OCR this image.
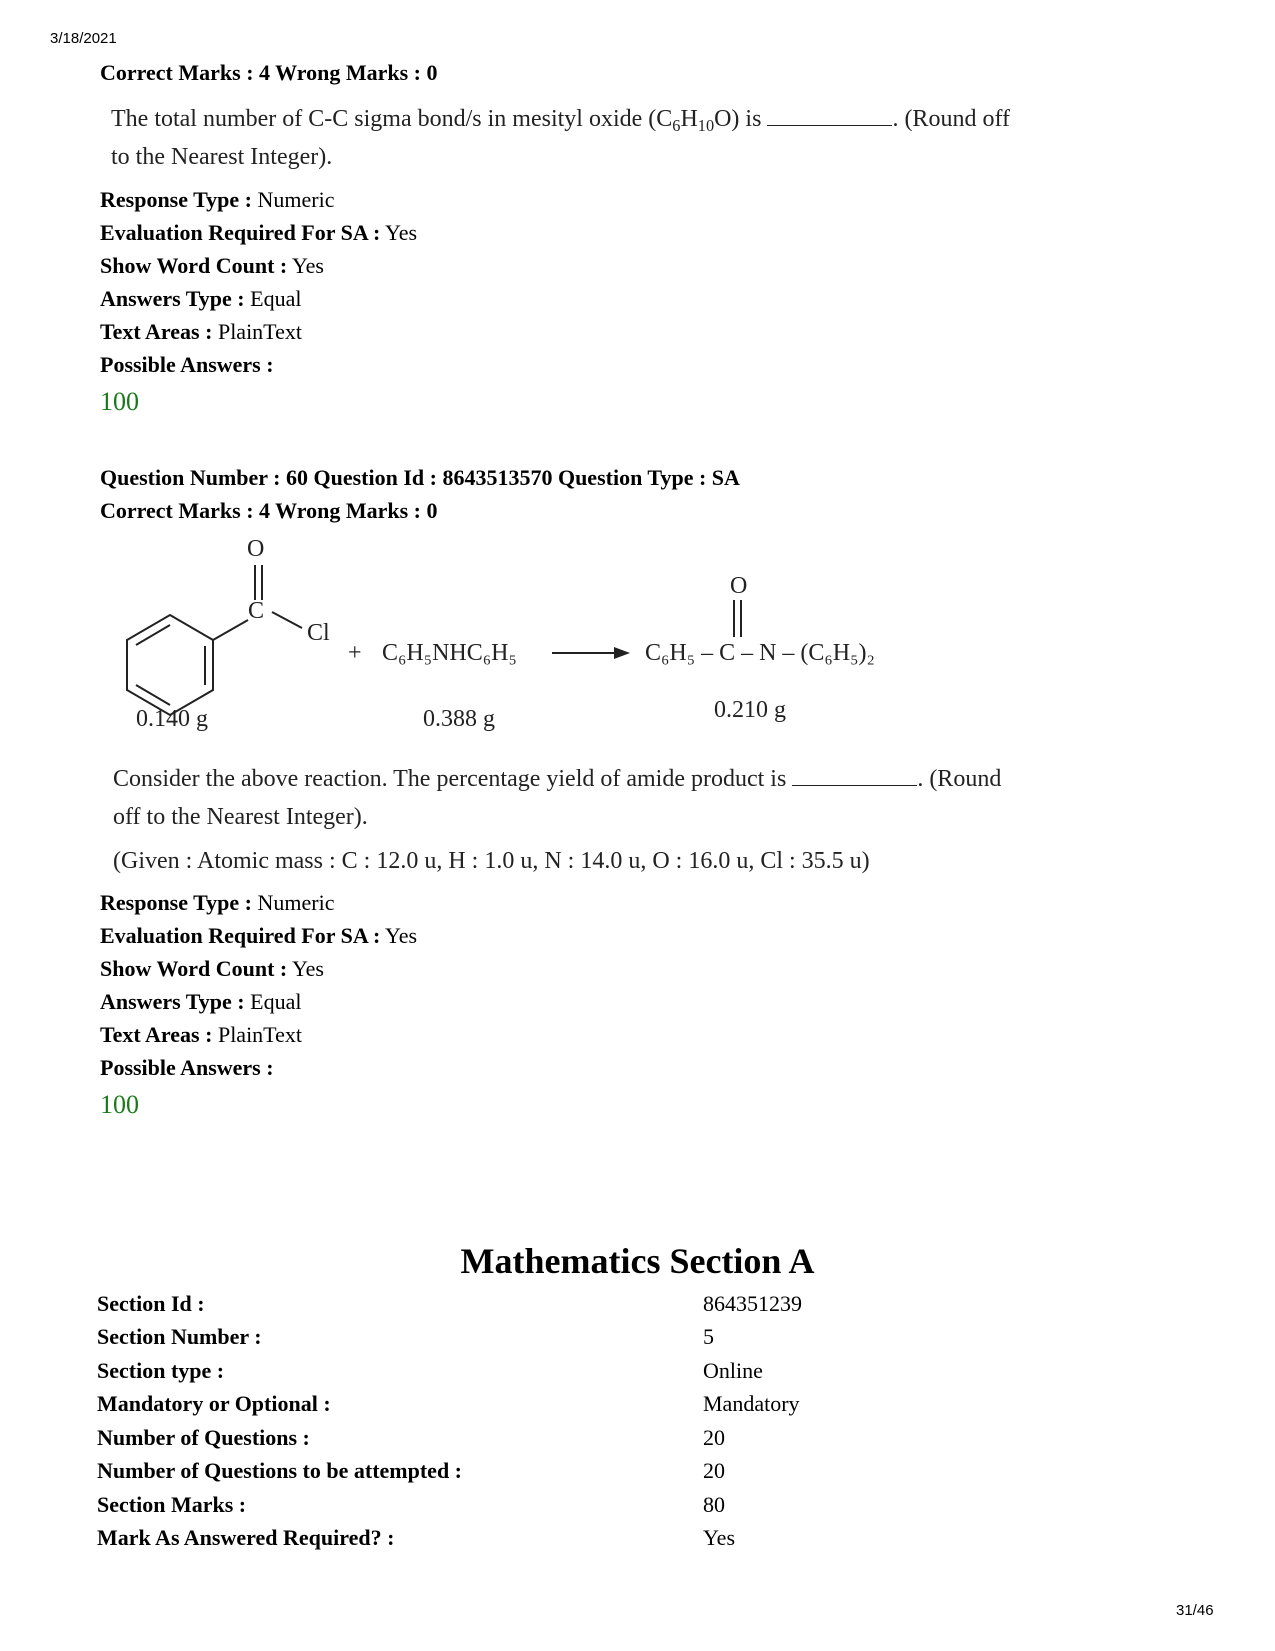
3/18/2021
Correct Marks : 4 Wrong Marks : 0
The total number of C-C sigma bond/s in mesityl oxide $(C_6H_{10}O)$ is	. (Round off
to the Nearest Integer).
Response Type : Numeric
Evaluation Required For SA : Yes
Show Word Count : Yes
Answers Type : Equal
Text Areas : PlainText
Possible Answers :
100
Question Number : 60 Question Id : 8643513570 Question Type : SA
Correct Marks : 4 Wrong Marks : 0
O
C
Cl
+ C₆H₅NHC₆H₅
O
C₆H₅ – C – N – (C₆H₅)₂
0.140 g	0.388 g	0.210 g
Consider the above reaction. The percentage yield of amide product is	. (Round
off to the Nearest Integer).
(Given : Atomic mass : C : 12.0 u, H : 1.0 u, N : 14.0 u, O : 16.0 u, Cl : 35.5 u)
Response Type : Numeric
Evaluation Required For SA : Yes
Show Word Count : Yes
Answers Type : Equal
Text Areas : PlainText
Possible Answers :
100
Mathematics Section A
Section Id :	864351239
Section Number :	5
Section type :	Online
Mandatory or Optional :	Mandatory
Number of Questions :	20
Number of Questions to be attempted :	20
Section Marks :	80
Mark As Answered Required? :	Yes
31/46
